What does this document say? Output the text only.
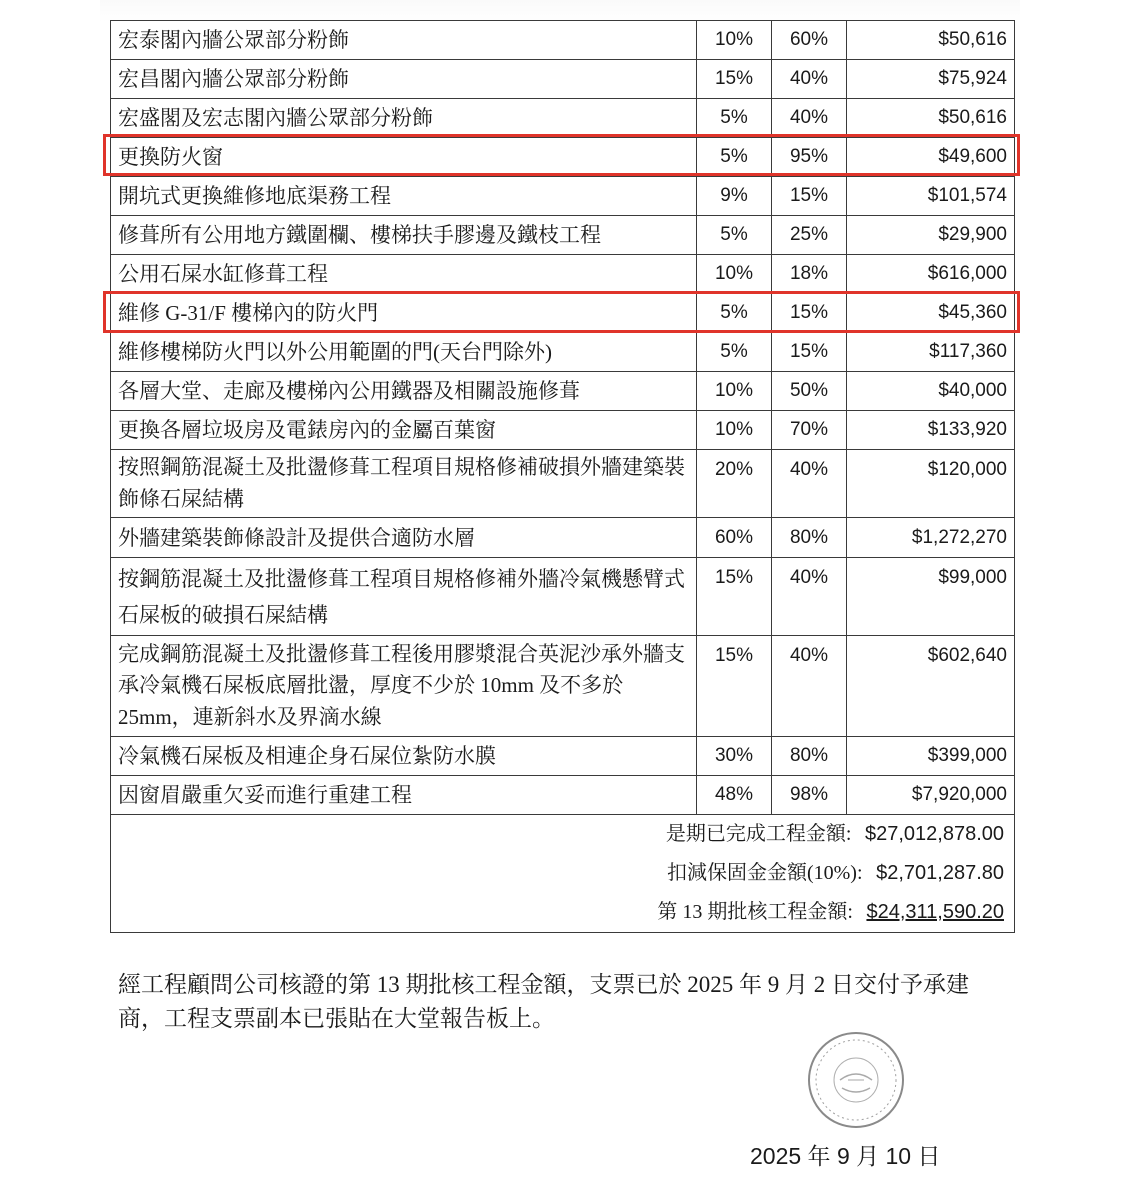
宏泰閣內牆公眾部分粉飾	10%	60%	$50,616
宏昌閣內牆公眾部分粉飾	15%	40%	$75,924
宏盛閣及宏志閣內牆公眾部分粉飾	5%	40%	$50,616
更換防火窗	5%	95%	$49,600
開坑式更換維修地底渠務工程	9%	15%	$101,574
修葺所有公用地方鐵圍欄、樓梯扶手膠邊及鐵枝工程	5%	25%	$29,900
公用石屎水缸修葺工程	10%	18%	$616,000
維修 G-31/F 樓梯內的防火門	5%	15%	$45,360
維修樓梯防火門以外公用範圍的門(天台門除外)	5%	15%	$117,360
各層大堂、走廊及樓梯內公用鐵器及相關設施修葺	10%	50%	$40,000
更換各層垃圾房及電錶房內的金屬百葉窗	10%	70%	$133,920
按照鋼筋混凝土及批盪修葺工程項目規格修補破損外牆建築裝飾條石屎結構	20%	40%	$120,000
外牆建築裝飾條設計及提供合適防水層	60%	80%	$1,272,270
按鋼筋混凝土及批盪修葺工程項目規格修補外牆冷氣機懸臂式石屎板的破損石屎結構	15%	40%	$99,000
完成鋼筋混凝土及批盪修葺工程後用膠漿混合英泥沙承外牆支承冷氣機石屎板底層批盪，厚度不少於 10mm 及不多於 25mm，連新斜水及界滴水線	15%	40%	$602,640
冷氣機石屎板及相連企身石屎位紮防水膜	30%	80%	$399,000
因窗眉嚴重欠妥而進行重建工程	48%	98%	$7,920,000

是期已完成工程金額: $27,012,878.00
扣減保固金金額(10%): $2,701,287.80
第 13 期批核工程金額: $24,311,590.20			
經工程顧問公司核證的第 13 期批核工程金額，支票已於 2025 年 9 月 2 日交付予承建商，工程支票副本已張貼在大堂報告板上。
2025 年 9 月 10 日
